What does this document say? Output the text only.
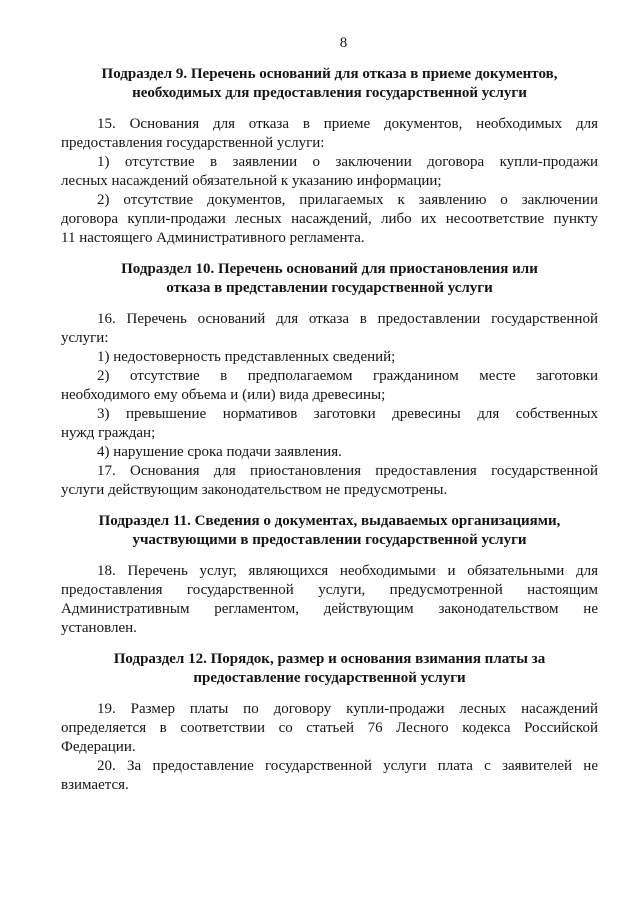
8

Подраздел 9. Перечень оснований для отказа в приеме документов,
необходимых для предоставления государственной услуги

15. Основания для отказа в приеме документов, необходимых для
предоставления государственной услуги:

1) отсутствие в заявлении о заключении договора купли-продажи
лесных насаждений обязательной к указанию информации;

2) отсутствие документов, прилагаемых к заявлению о заключении
договора купли-продажи лесных насаждений, либо их несоответствие пункту
11 настоящего Административного регламента.

Подраздел 10. Перечень оснований для приостановления или
отказа в представлении государственной услуги

16. Перечень оснований для отказа в предоставлении государственной
услуги:

1) недостоверность представленных сведений;

2) отсутствие в предполагаемом гражданином месте заготовки
необходимого ему объема и (или) вида древесины;

3) превышение нормативов заготовки древесины для собственных
нужд граждан;

4) нарушение срока подачи заявления.

17. Основания для приостановления предоставления государственной
услуги действующим законодательством не предусмотрены.

Подраздел 11. Сведения о документах, выдаваемых организациями,
участвующими в предоставлении государственной услуги

18. Перечень услуг, являющихся необходимыми и обязательными для
предоставления государственной услуги, предусмотренной настоящим
Административным регламентом, действующим законодательством не
установлен.

Подраздел 12. Порядок, размер и основания взимания платы за
предоставление государственной услуги

19. Размер платы по договору купли-продажи лесных насаждений
определяется в соответствии со статьей 76 Лесного кодекса Российской
Федерации.

20. За предоставление государственной услуги плата с заявителей не
взимается.
